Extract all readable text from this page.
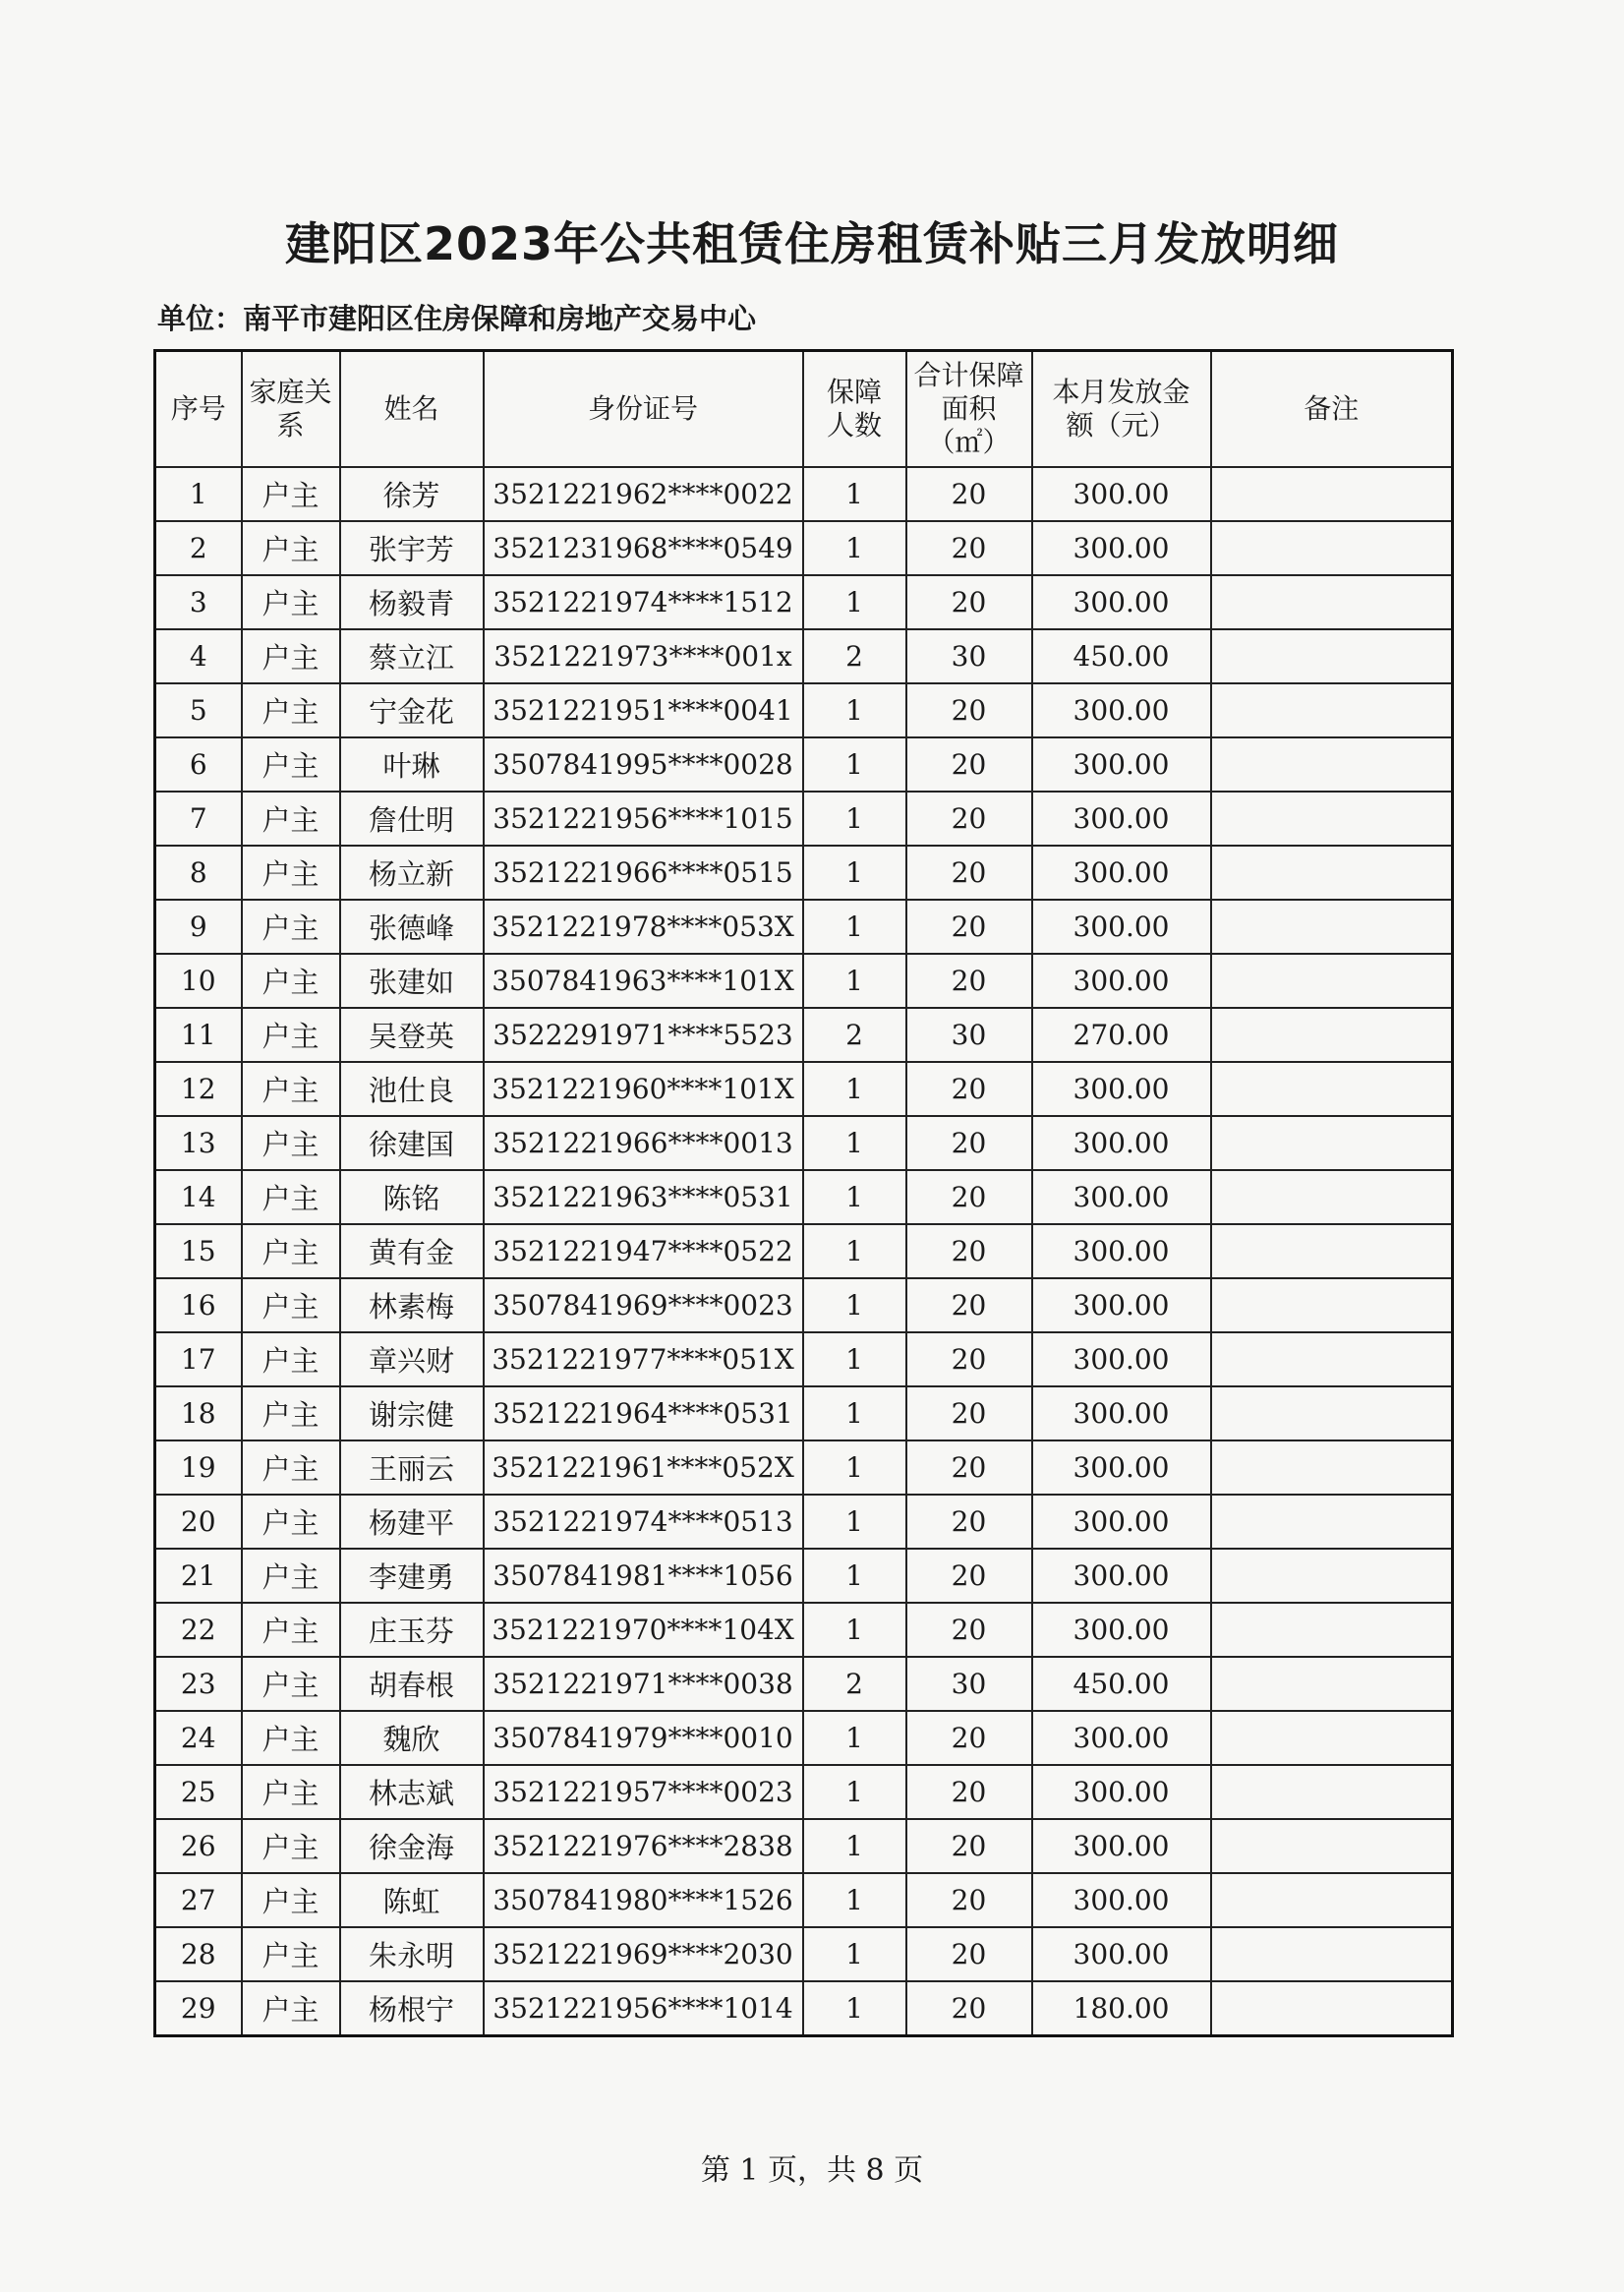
建阳区2023年公共租赁住房租赁补贴三月发放明细
单位：南平市建阳区住房保障和房地产交易中心
序号	家庭关系	姓名	身份证号	保障人数	合计保障面积（㎡）	本月发放金额（元）	备注
1	户主	徐芳	3521221962****0022	1	20	300.00	
2	户主	张宇芳	3521231968****0549	1	20	300.00	
3	户主	杨毅青	3521221974****1512	1	20	300.00	
4	户主	蔡立江	3521221973****001x	2	30	450.00	
5	户主	宁金花	3521221951****0041	1	20	300.00	
6	户主	叶琳	3507841995****0028	1	20	300.00	
7	户主	詹仕明	3521221956****1015	1	20	300.00	
8	户主	杨立新	3521221966****0515	1	20	300.00	
9	户主	张德峰	3521221978****053X	1	20	300.00	
10	户主	张建如	3507841963****101X	1	20	300.00	
11	户主	吴登英	3522291971****5523	2	30	270.00	
12	户主	池仕良	3521221960****101X	1	20	300.00	
13	户主	徐建国	3521221966****0013	1	20	300.00	
14	户主	陈铭	3521221963****0531	1	20	300.00	
15	户主	黄有金	3521221947****0522	1	20	300.00	
16	户主	林素梅	3507841969****0023	1	20	300.00	
17	户主	章兴财	3521221977****051X	1	20	300.00	
18	户主	谢宗健	3521221964****0531	1	20	300.00	
19	户主	王丽云	3521221961****052X	1	20	300.00	
20	户主	杨建平	3521221974****0513	1	20	300.00	
21	户主	李建勇	3507841981****1056	1	20	300.00	
22	户主	庄玉芬	3521221970****104X	1	20	300.00	
23	户主	胡春根	3521221971****0038	2	30	450.00	
24	户主	魏欣	3507841979****0010	1	20	300.00	
25	户主	林志斌	3521221957****0023	1	20	300.00	
26	户主	徐金海	3521221976****2838	1	20	300.00	
27	户主	陈虹	3507841980****1526	1	20	300.00	
28	户主	朱永明	3521221969****2030	1	20	300.00	
29	户主	杨根宁	3521221956****1014	1	20	180.00	
第 1 页，共 8 页
